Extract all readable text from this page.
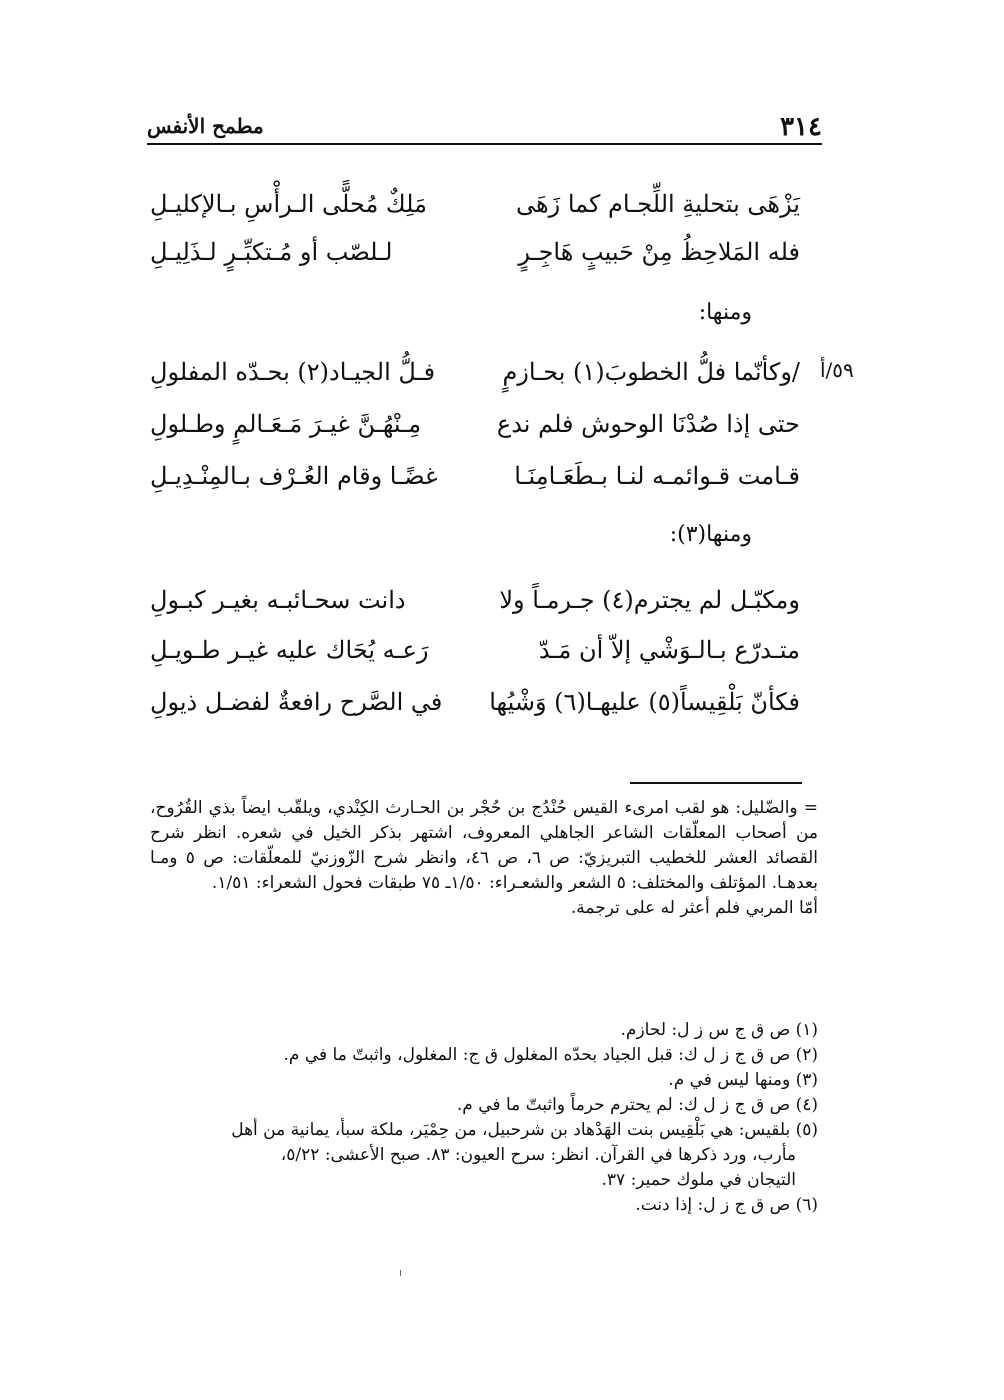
٣١٤
مطمح الأنفس
يَزْهَى بتحليةِ اللِّجـام كما زَهَى
مَلِكٌ مُحلًّى الـرأْسِ بـالإكليـلِ
فله المَلاحِظُ مِنْ حَبيبٍ هَاجِـرٍ
لـلصّب أو مُـتكبِّـرٍ لـذَلِيـلِ
ومنها:
٥٩/أ
/وكأنّما فلُّ الخطوبَ(١) بحـازمٍ
فـلُّ الجيـاد(٢) بحـدّه المفلولِ
حتى إذا صُدْنَا الوحوش فلم ندع
مِـنْهُـنَّ غيـرَ مَـعَـالمٍ وطـلولِ
قـامت قـوائمـه لنـا بـطَعَـامِنَـا
غضًـا وقام العُـرْف بـالمِنْـدِيـلِ
ومنها(٣):
ومكبّـل لم يجترم(٤) جـرمـاً ولا
دانت سحـائبـه بغيـر كبـولِ
متـدرّع بـالـوَشْي إلاّ أن مَـدّ
رَعـه يُحَاك عليه غيـر طـويـلِ
فكأنّ بَلْقِيساً(٥) عليهـا(٦) وَشْيُها
في الصَّرح رافعةٌ لفضـل ذيولِ

= والضّليل: هو لقب امرىء القيس حُنْدُج بن حُجْر بن الحـارث الكِنْدي، ويلقّب ايضاً بذي القُرُوح، من أصحاب المعلّقات الشاعر الجاهلي المعروف، اشتهر بذكر الخيل في شعره. انظر شرح القصائد العشر للخطيب التبريزيّ: ص ٦، ص ٤٦، وانظر شرح الزّوزنيّ للمعلّقات: ص ٥ ومـا بعدهـا. المؤتلف والمختلف: ٥ الشعر والشعـراء: ١/٥٠ـ ٧٥ طبقات فحول الشعراء: ١/٥١.

أمّا المربي فلم أعثر له على ترجمة.

(١) ص ق ج س ز ل: لحازم.

(٢) ص ق ج ز ل ك: قبل الجياد بحدّه المغلول ق ج: المغلول، واثبتّ ما في م.

(٣) ومنها ليس في م.

(٤) ص ق ج ز ل ك: لم يحترم حرماً واثبتّ ما في م.

(٥) بلقيس: هي بَلْقِيس بنت الهَدْهاد بن شرحبيل، من حِمْيَر، ملكة سبأ، يمانية من أهل

مأرب، ورد ذكرها في القرآن. انظر: سرح العيون: ٨٣. صبح الأعشى: ٥/٢٢،

التيجان في ملوك حمير: ٣٧.

(٦) ص ق ج ز ل: إذا دنت.
